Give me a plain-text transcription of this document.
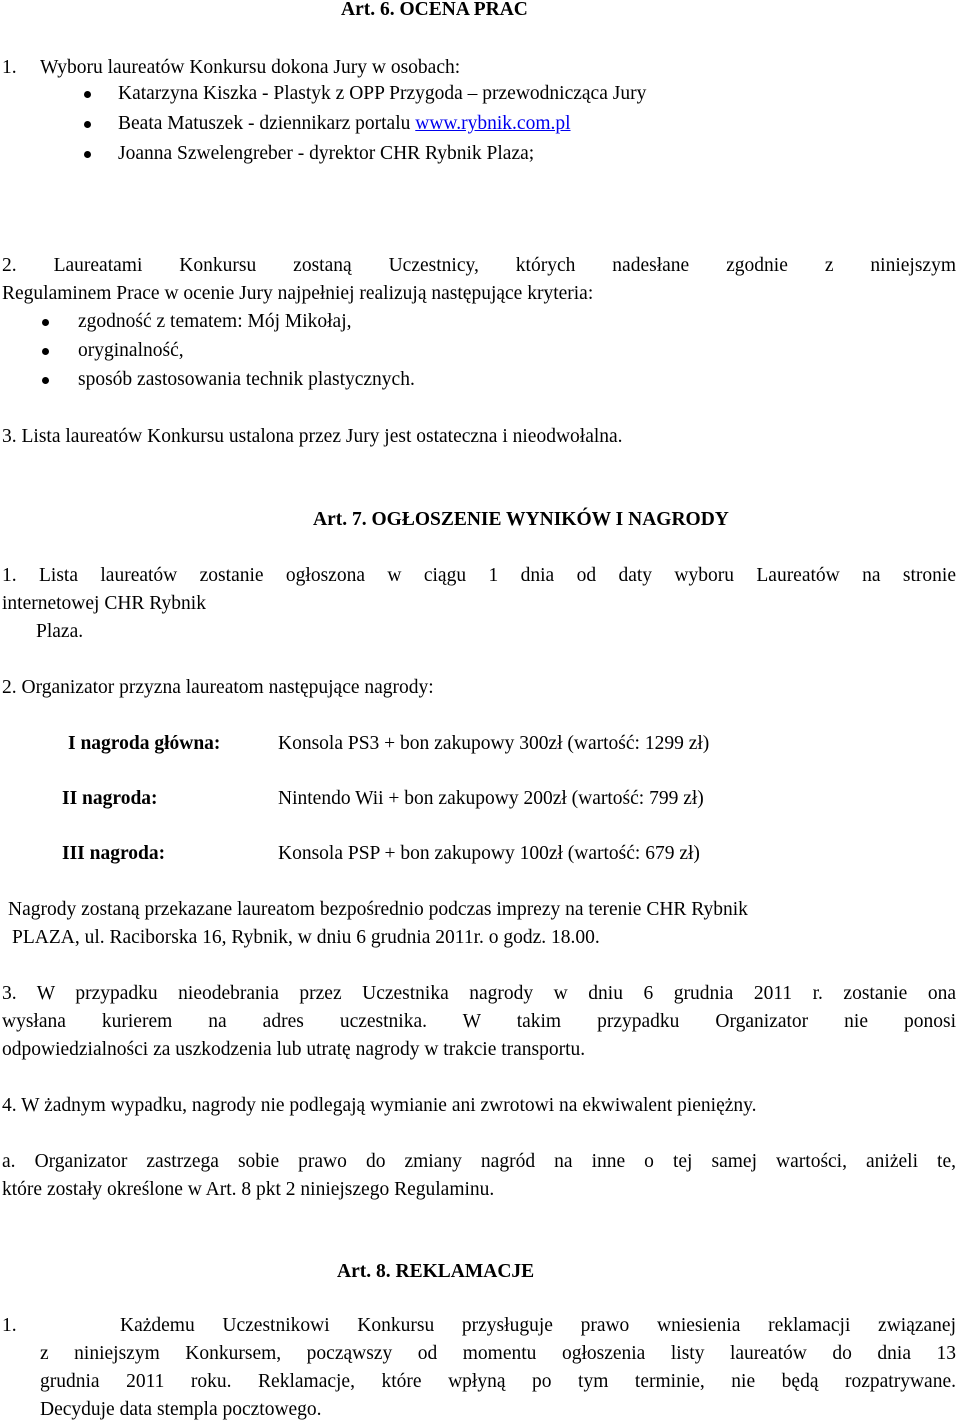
Art. 6. OCENA PRAC
1. Wyboru laureatów Konkursu dokona Jury w osobach:
Katarzyna Kiszka - Plastyk z OPP Przygoda – przewodnicząca Jury
Beata Matuszek - dziennikarz portalu www.rybnik.com.pl
Joanna Szwelengreber - dyrektor CHR Rybnik Plaza;
2. Laureatami Konkursu zostaną Uczestnicy, których nadesłane zgodnie z niniejszym
Regulaminem Prace w ocenie Jury najpełniej realizują następujące kryteria:
zgodność z tematem: Mój Mikołaj,
oryginalność,
sposób zastosowania technik plastycznych.
3. Lista laureatów Konkursu ustalona przez Jury jest ostateczna i nieodwołalna.
Art. 7. OGŁOSZENIE WYNIKÓW I NAGRODY
1. Lista laureatów zostanie ogłoszona w ciągu 1 dnia od daty wyboru Laureatów na stronie
internetowej CHR Rybnik
Plaza.
2. Organizator przyzna laureatom następujące nagrody:
I nagroda główna:	Konsola PS3 + bon zakupowy 300zł (wartość: 1299 zł)
II nagroda:	Nintendo Wii + bon zakupowy 200zł (wartość: 799 zł)
III nagroda:	Konsola PSP + bon zakupowy 100zł (wartość: 679 zł)
Nagrody zostaną przekazane laureatom bezpośrednio podczas imprezy na terenie CHR Rybnik
PLAZA, ul. Raciborska 16, Rybnik, w dniu 6 grudnia 2011r. o godz. 18.00.
3. W przypadku nieodebrania przez Uczestnika nagrody w dniu 6 grudnia 2011 r. zostanie ona
wysłana kurierem na adres uczestnika. W takim przypadku Organizator nie ponosi
odpowiedzialności za uszkodzenia lub utratę nagrody w trakcie transportu.
4. W żadnym wypadku, nagrody nie podlegają wymianie ani zwrotowi na ekwiwalent pieniężny.
a. Organizator zastrzega sobie prawo do zmiany nagród na inne o tej samej wartości, aniżeli te,
które zostały określone w Art. 8 pkt 2 niniejszego Regulaminu.
Art. 8. REKLAMACJE
1.	Każdemu Uczestnikowi Konkursu przysługuje prawo wniesienia reklamacji związanej
z niniejszym Konkursem, począwszy od momentu ogłoszenia listy laureatów do dnia 13
grudnia 2011 roku. Reklamacje, które wpłyną po tym terminie, nie będą rozpatrywane.
Decyduje data stempla pocztowego.
